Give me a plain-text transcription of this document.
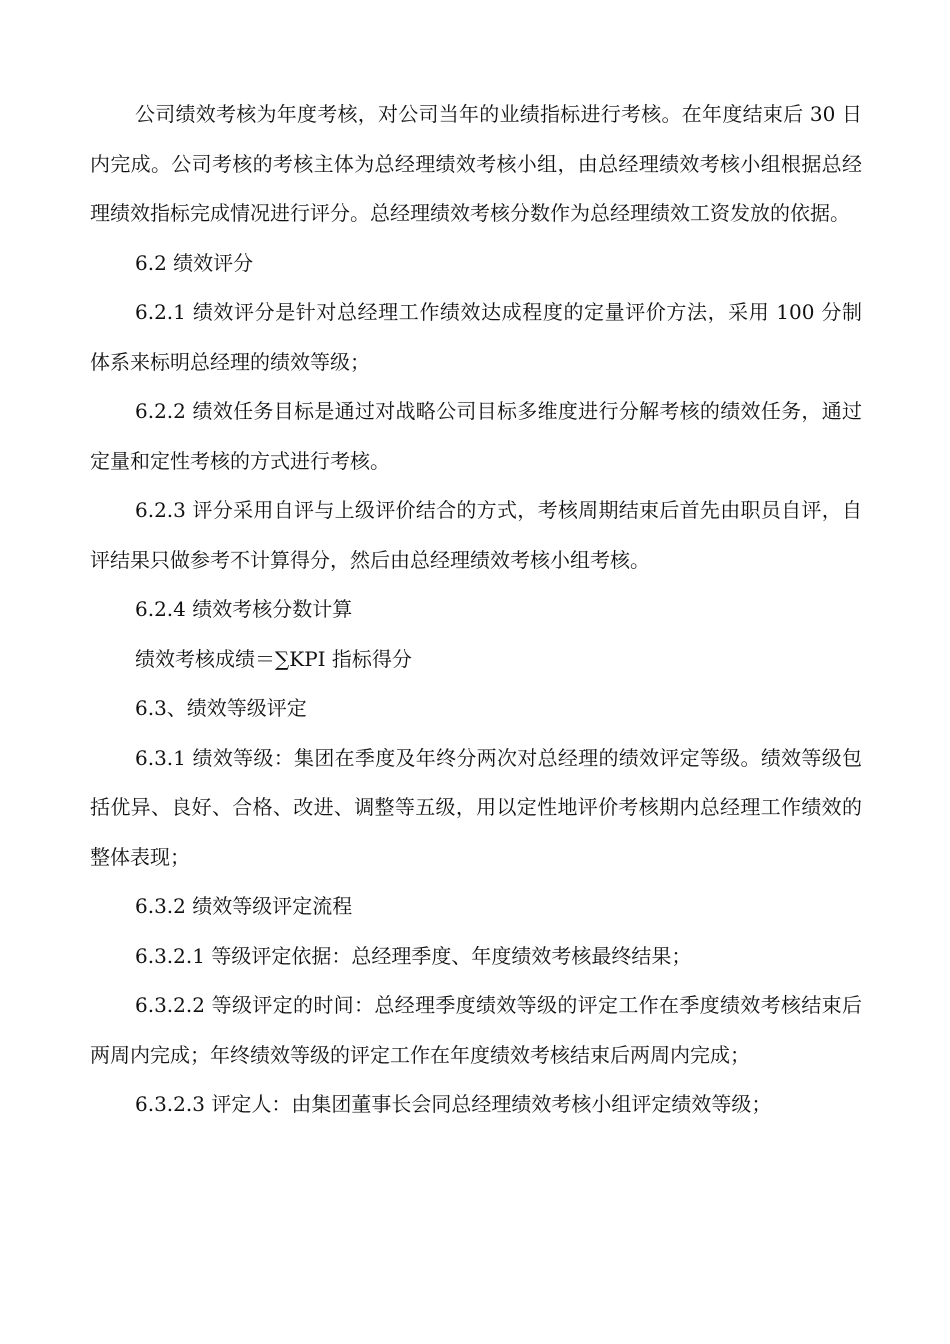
公司绩效考核为年度考核，对公司当年的业绩指标进行考核。在年度结束后 30 日内完成。公司考核的考核主体为总经理绩效考核小组，由总经理绩效考核小组根据总经理绩效指标完成情况进行评分。总经理绩效考核分数作为总经理绩效工资发放的依据。

6.2 绩效评分

6.2.1 绩效评分是针对总经理工作绩效达成程度的定量评价方法，采用 100 分制体系来标明总经理的绩效等级；

6.2.2 绩效任务目标是通过对战略公司目标多维度进行分解考核的绩效任务，通过定量和定性考核的方式进行考核。

6.2.3 评分采用自评与上级评价结合的方式，考核周期结束后首先由职员自评，自评结果只做参考不计算得分，然后由总经理绩效考核小组考核。

6.2.4 绩效考核分数计算

绩效考核成绩＝∑KPI 指标得分

6.3、绩效等级评定

6.3.1 绩效等级：集团在季度及年终分两次对总经理的绩效评定等级。绩效等级包括优异、良好、合格、改进、调整等五级，用以定性地评价考核期内总经理工作绩效的整体表现；

6.3.2 绩效等级评定流程

6.3.2.1 等级评定依据：总经理季度、年度绩效考核最终结果；

6.3.2.2 等级评定的时间：总经理季度绩效等级的评定工作在季度绩效考核结束后两周内完成；年终绩效等级的评定工作在年度绩效考核结束后两周内完成；

6.3.2.3 评定人：由集团董事长会同总经理绩效考核小组评定绩效等级；
